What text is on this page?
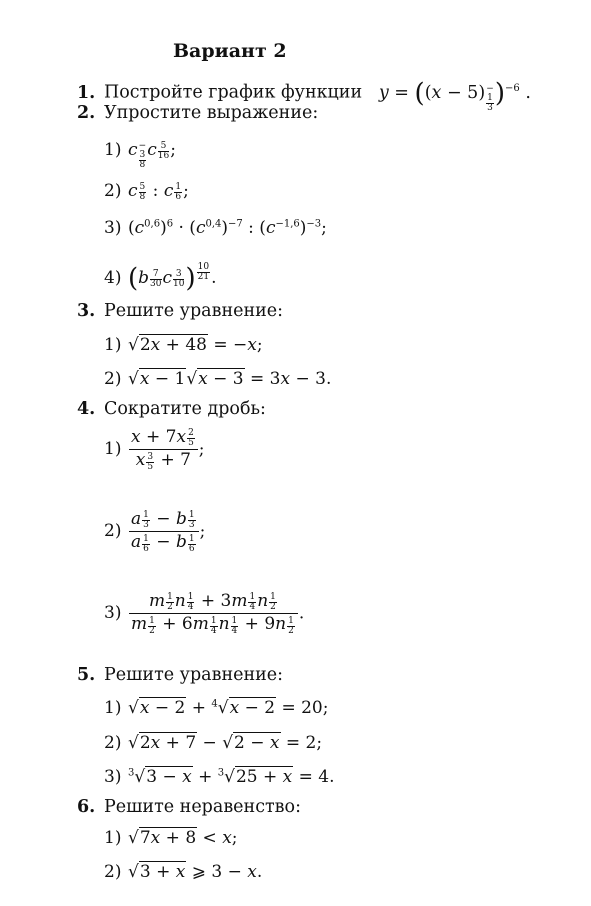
Вариант 2
1. Постройте график функции y = ((x − 5)−
1
3 )$^{-6}$ .
2. Упростите выражение:
1) c−
3
8
c $\frac{5}{16}$ ;
2) c $\frac{5}{8}$ : c $\frac{1}{6}$ ;
3) $(c^{0,6})^6 \cdot (c^{0,4})^{-7}$ : $(c^{-1,6})^{-3}$;
4) ($b \frac{7}{30}$ c $\frac{3}{10}$ ) $\frac{10}{21}$ .
3. Решите уравнение:
1) √2x + 48 = −x;
2) √x − 1√x − 3 = 3x − 3.
4. Сократите дробь:
$1) \frac{x + 7x \frac{2}{5}}{x \frac{3}{5} + 7}$ ;
$2) \frac{a \frac{1}{3} - b \frac{1}{3}}{a \frac{1}{6} - b \frac{1}{6}}$ ;
$3) \frac{m \frac{1}{2} n \frac{1}{4} + 3m \frac{1}{4} n \frac{1}{2}}{m \frac{1}{2} + 6m \frac{1}{4} n \frac{1}{4} + 9n \frac{1}{2}}$ .
5. Решите уравнение:
1) √x − 2 + $^4$√x − 2 = 20;
2) √2x + 7 − √2 − x = 2;
3) $^3$√3 − x + $^3$√25 + x = 4.
6. Решите неравенство:
1) √7x + 8 < x;
2) √3 + x ⩾ 3 − x.
